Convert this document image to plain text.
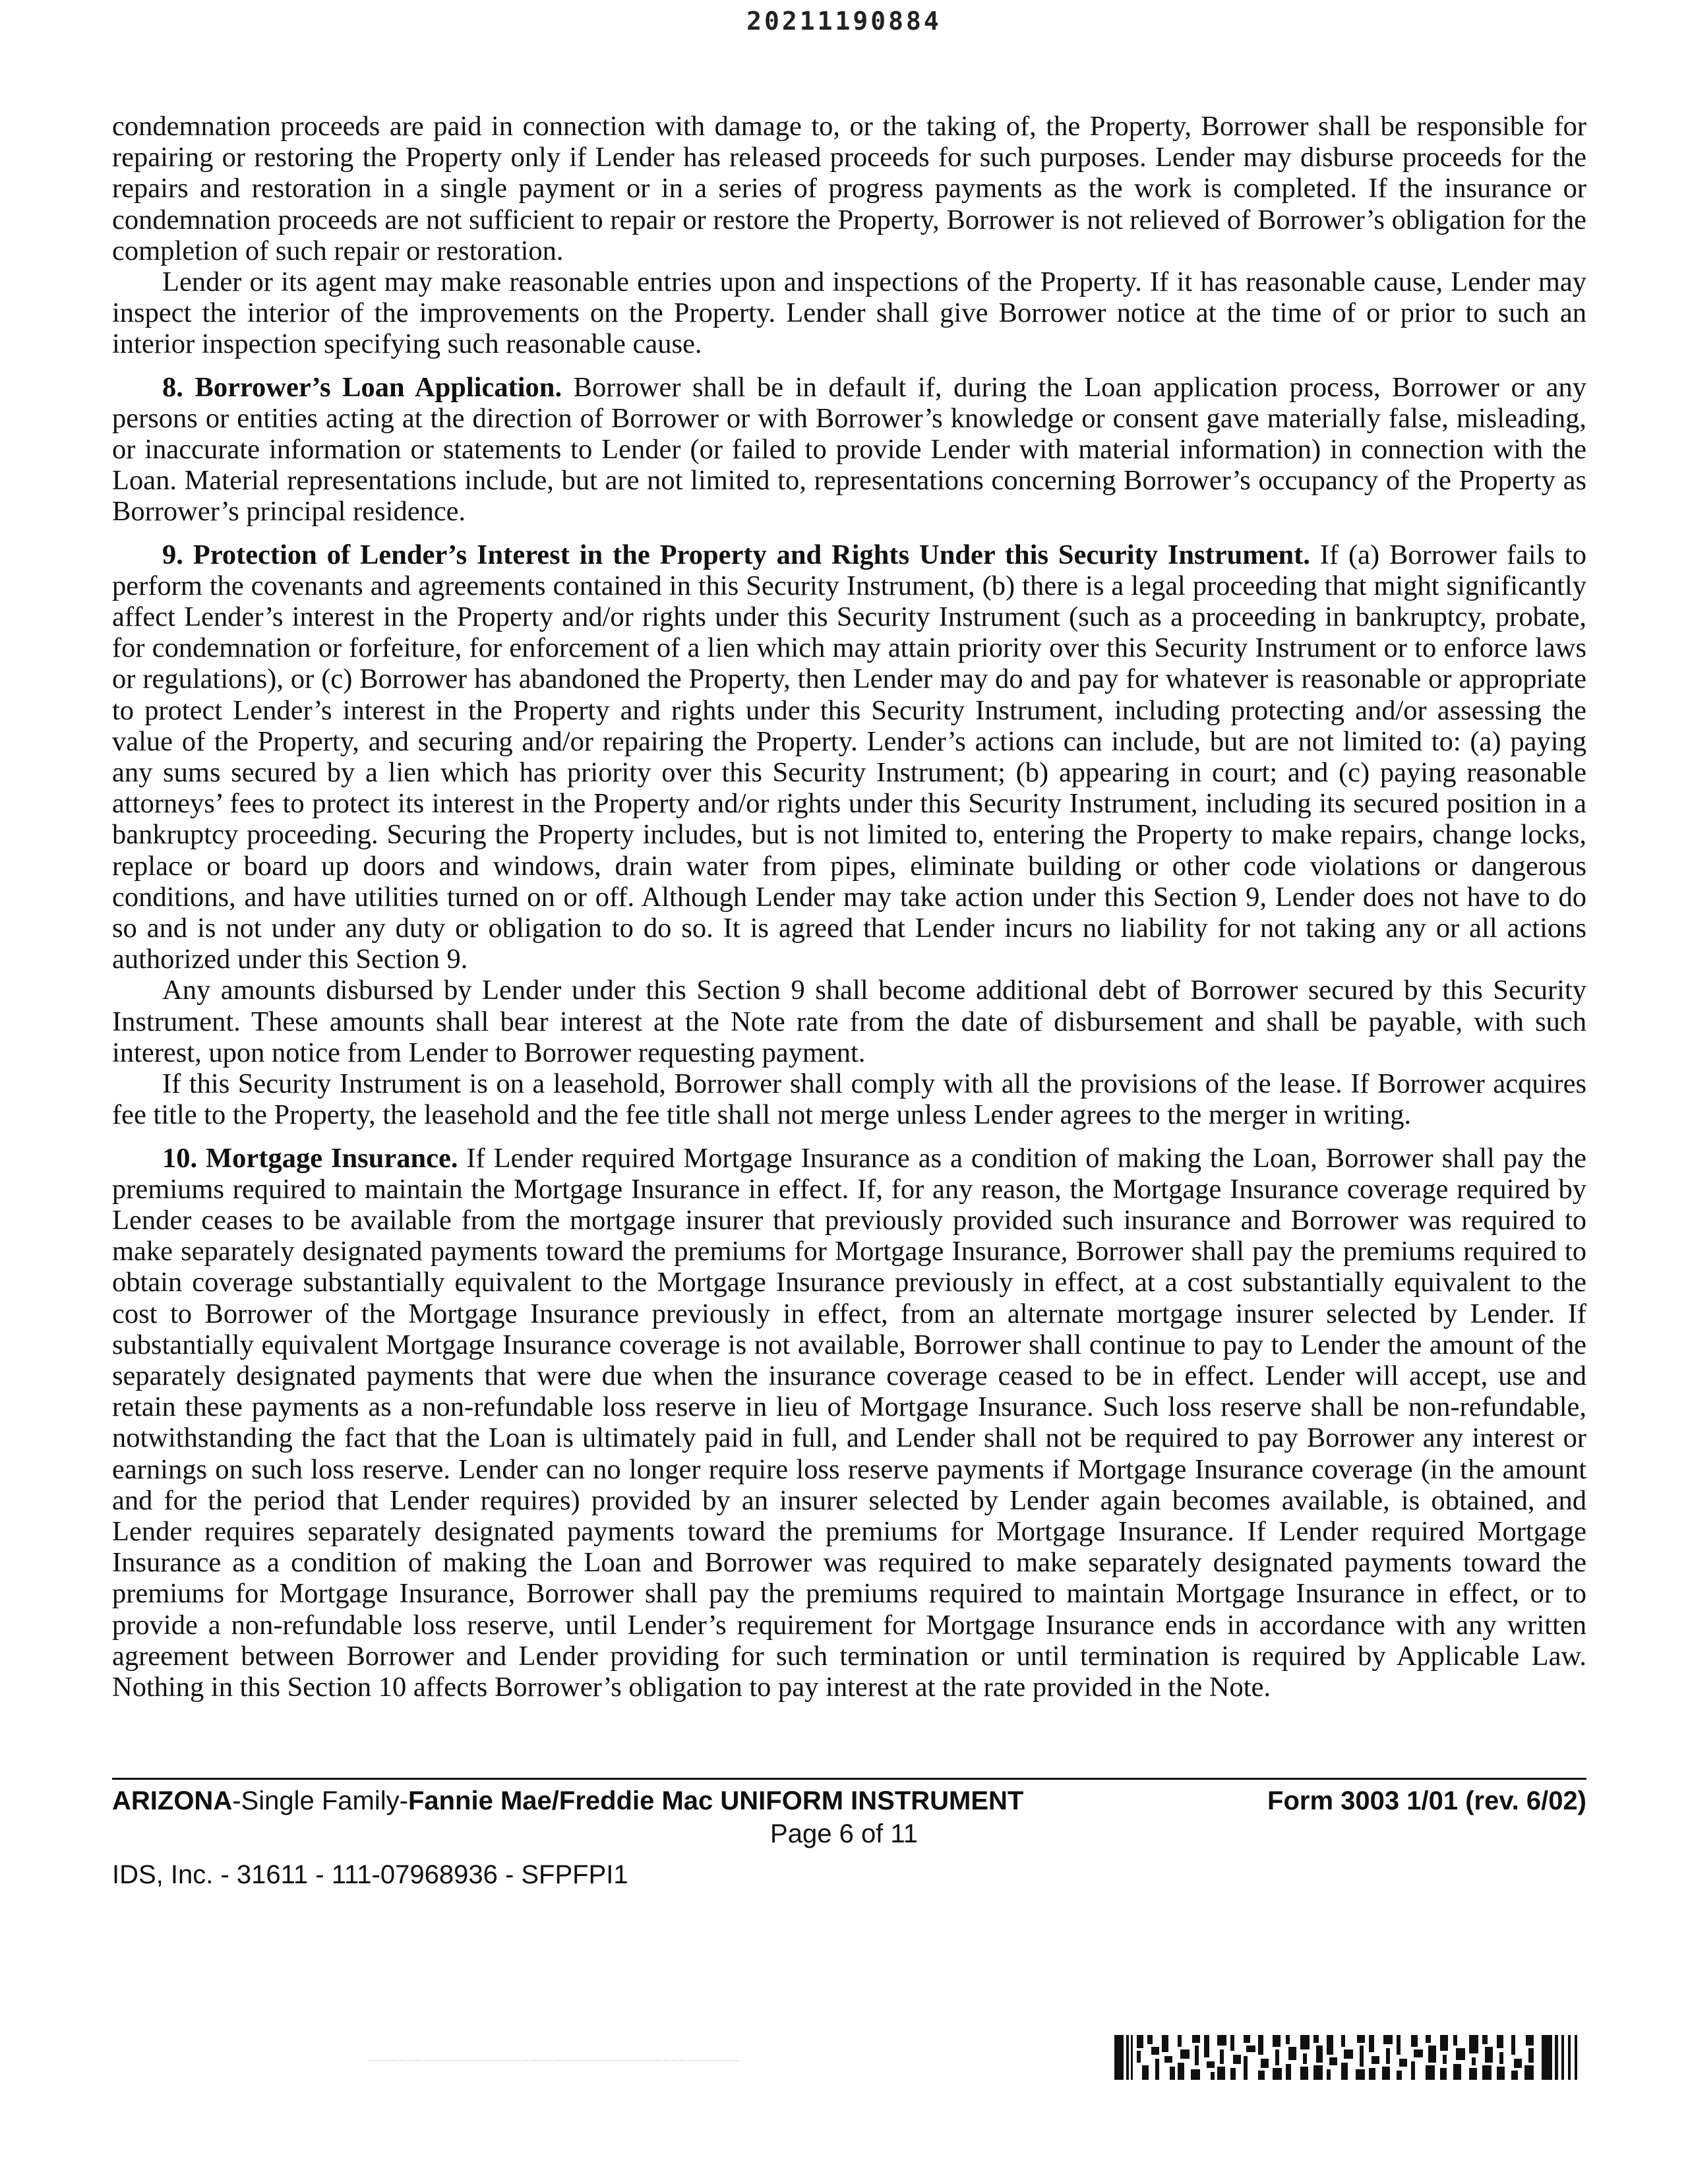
20211190884

condemnation proceeds are paid in connection with damage to, or the taking of, the Property, Borrower shall be responsible for repairing or restoring the Property only if Lender has released proceeds for such purposes. Lender may disburse proceeds for the repairs and restoration in a single payment or in a series of progress payments as the work is completed. If the insurance or condemnation proceeds are not sufficient to repair or restore the Property, Borrower is not relieved of Borrower’s obligation for the completion of such repair or restoration.

Lender or its agent may make reasonable entries upon and inspections of the Property. If it has reasonable cause, Lender may inspect the interior of the improvements on the Property. Lender shall give Borrower notice at the time of or prior to such an interior inspection specifying such reasonable cause.

8. Borrower’s Loan Application. Borrower shall be in default if, during the Loan application process, Borrower or any persons or entities acting at the direction of Borrower or with Borrower’s knowledge or consent gave materially false, misleading, or inaccurate information or statements to Lender (or failed to provide Lender with material information) in connection with the Loan. Material representations include, but are not limited to, representations concerning Borrower’s occupancy of the Property as Borrower’s principal residence.

9. Protection of Lender’s Interest in the Property and Rights Under this Security Instrument. If (a) Borrower fails to perform the covenants and agreements contained in this Security Instrument, (b) there is a legal proceeding that might significantly affect Lender’s interest in the Property and/or rights under this Security Instrument (such as a proceeding in bankruptcy, probate, for condemnation or forfeiture, for enforcement of a lien which may attain priority over this Security Instrument or to enforce laws or regulations), or (c) Borrower has abandoned the Property, then Lender may do and pay for whatever is reasonable or appropriate to protect Lender’s interest in the Property and rights under this Security Instrument, including protecting and/or assessing the value of the Property, and securing and/or repairing the Property. Lender’s actions can include, but are not limited to: (a) paying any sums secured by a lien which has priority over this Security Instrument; (b) appearing in court; and (c) paying reasonable attorneys’ fees to protect its interest in the Property and/or rights under this Security Instrument, including its secured position in a bankruptcy proceeding. Securing the Property includes, but is not limited to, entering the Property to make repairs, change locks, replace or board up doors and windows, drain water from pipes, eliminate building or other code violations or dangerous conditions, and have utilities turned on or off. Although Lender may take action under this Section 9, Lender does not have to do so and is not under any duty or obligation to do so. It is agreed that Lender incurs no liability for not taking any or all actions authorized under this Section 9.

Any amounts disbursed by Lender under this Section 9 shall become additional debt of Borrower secured by this Security Instrument. These amounts shall bear interest at the Note rate from the date of disbursement and shall be payable, with such interest, upon notice from Lender to Borrower requesting payment.

If this Security Instrument is on a leasehold, Borrower shall comply with all the provisions of the lease. If Borrower acquires fee title to the Property, the leasehold and the fee title shall not merge unless Lender agrees to the merger in writing.

10. Mortgage Insurance. If Lender required Mortgage Insurance as a condition of making the Loan, Borrower shall pay the premiums required to maintain the Mortgage Insurance in effect. If, for any reason, the Mortgage Insurance coverage required by Lender ceases to be available from the mortgage insurer that previously provided such insurance and Borrower was required to make separately designated payments toward the premiums for Mortgage Insurance, Borrower shall pay the premiums required to obtain coverage substantially equivalent to the Mortgage Insurance previously in effect, at a cost substantially equivalent to the cost to Borrower of the Mortgage Insurance previously in effect, from an alternate mortgage insurer selected by Lender. If substantially equivalent Mortgage Insurance coverage is not available, Borrower shall continue to pay to Lender the amount of the separately designated payments that were due when the insurance coverage ceased to be in effect. Lender will accept, use and retain these payments as a non-refundable loss reserve in lieu of Mortgage Insurance. Such loss reserve shall be non-refundable, notwithstanding the fact that the Loan is ultimately paid in full, and Lender shall not be required to pay Borrower any interest or earnings on such loss reserve. Lender can no longer require loss reserve payments if Mortgage Insurance coverage (in the amount and for the period that Lender requires) provided by an insurer selected by Lender again becomes available, is obtained, and Lender requires separately designated payments toward the premiums for Mortgage Insurance. If Lender required Mortgage Insurance as a condition of making the Loan and Borrower was required to make separately designated payments toward the premiums for Mortgage Insurance, Borrower shall pay the premiums required to maintain Mortgage Insurance in effect, or to provide a non-refundable loss reserve, until Lender’s requirement for Mortgage Insurance ends in accordance with any written agreement between Borrower and Lender providing for such termination or until termination is required by Applicable Law. Nothing in this Section 10 affects Borrower’s obligation to pay interest at the rate provided in the Note.

ARIZONA-Single Family-Fannie Mae/Freddie Mac UNIFORM INSTRUMENT	Form 3003 1/01 (rev. 6/02)
Page 6 of 11
IDS, Inc. - 31611 - 111-07968936 - SFPFPI1
